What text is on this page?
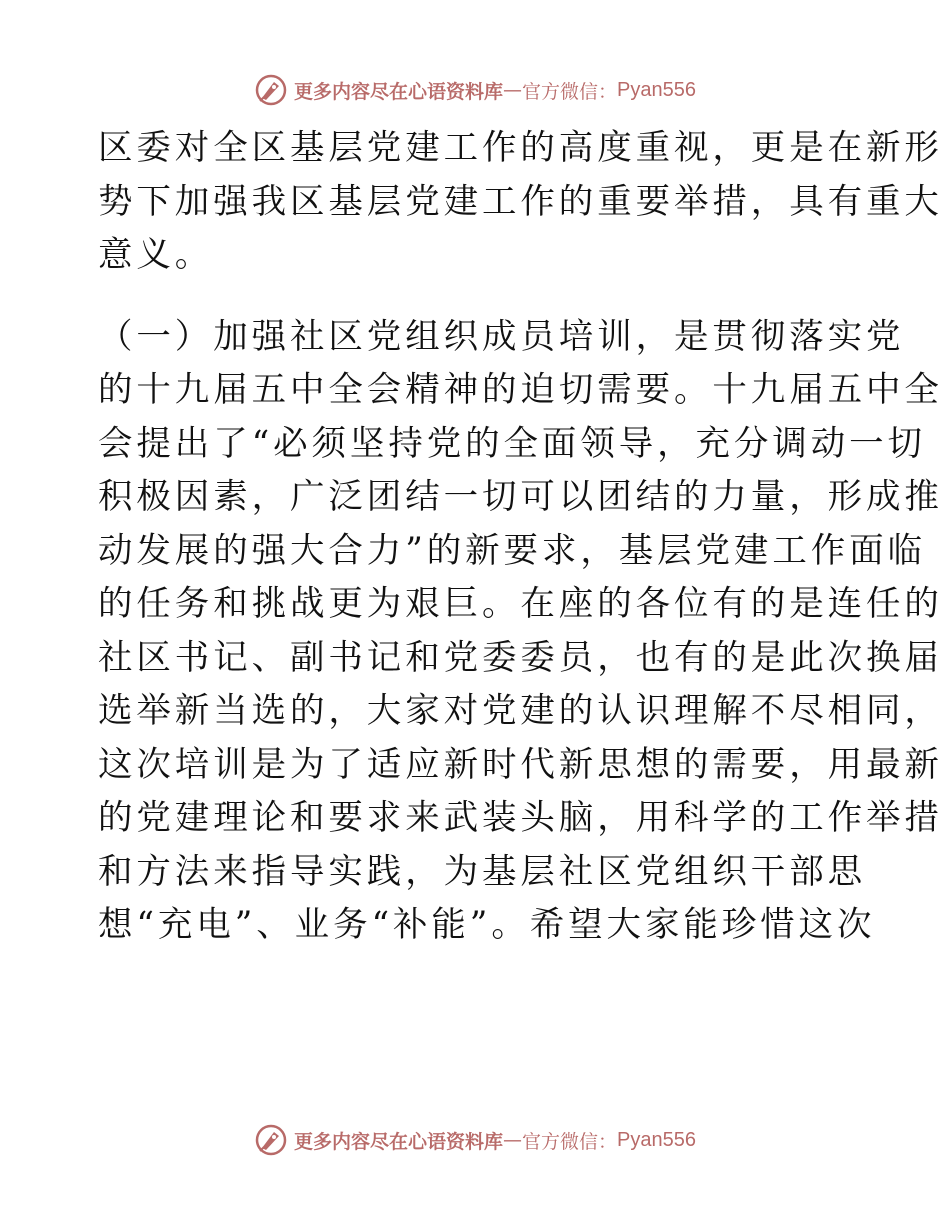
更多内容尽在心语资料库 — 官方微信： Pyan556
区委对全区基层党建工作的高度重视，更是在新形
势下加强我区基层党建工作的重要举措，具有重大
意义。
（一）加强社区党组织成员培训，是贯彻落实党
的十九届五中全会精神的迫切需要。十九届五中全
会提出了“必须坚持党的全面领导，充分调动一切
积极因素，广泛团结一切可以团结的力量，形成推
动发展的强大合力”的新要求，基层党建工作面临
的任务和挑战更为艰巨。在座的各位有的是连任的
社区书记、副书记和党委委员，也有的是此次换届
选举新当选的，大家对党建的认识理解不尽相同，
这次培训是为了适应新时代新思想的需要，用最新
的党建理论和要求来武装头脑，用科学的工作举措
和方法来指导实践，为基层社区党组织干部思
想“充电”、业务“补能”。希望大家能珍惜这次
更多内容尽在心语资料库 — 官方微信： Pyan556
